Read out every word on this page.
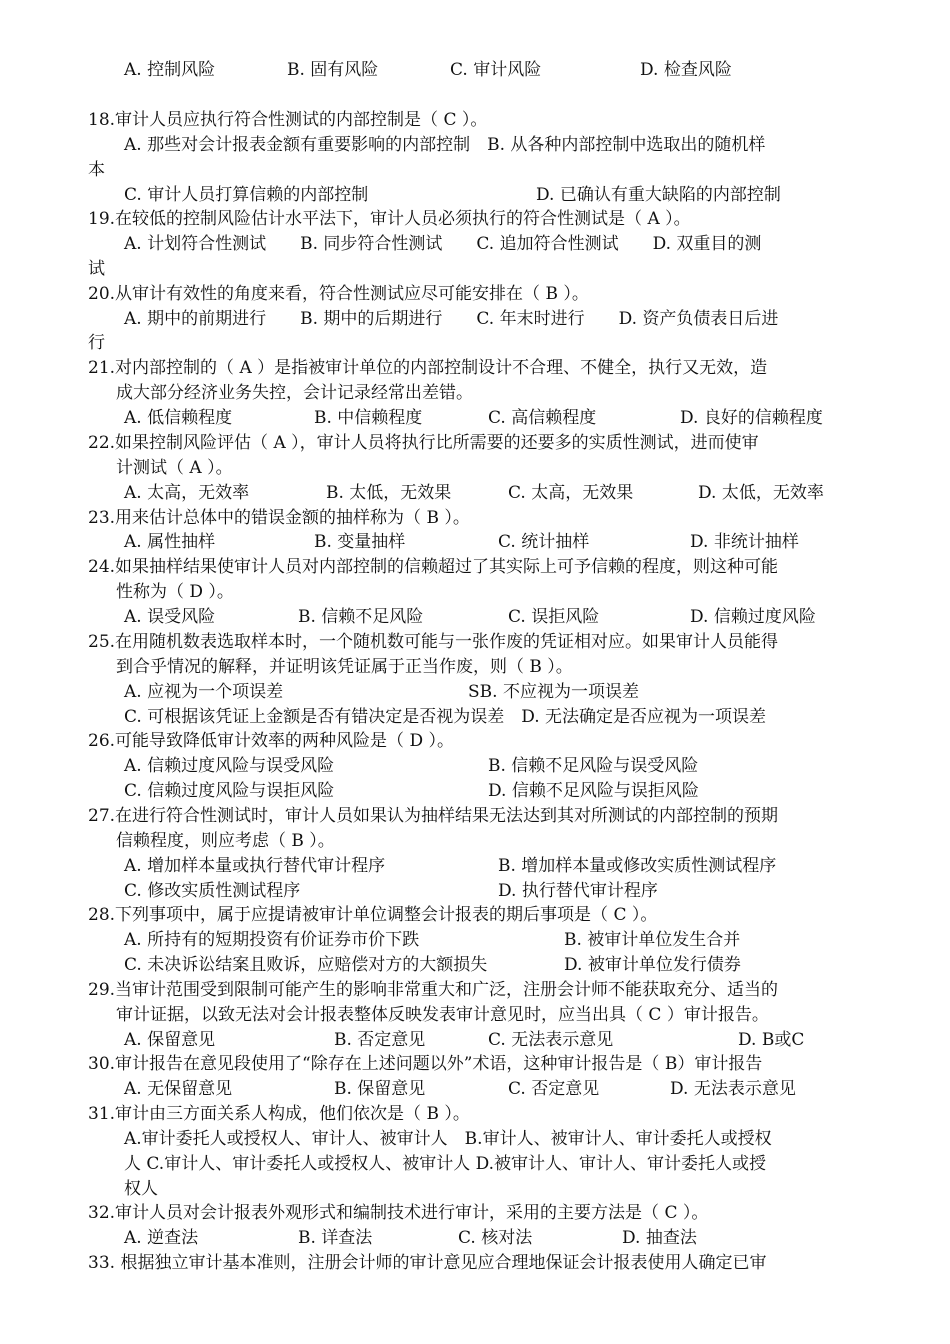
A. 控制风险	B. 固有风险	C. 审计风险	D. 检查风险
18.审计人员应执行符合性测试的内部控制是（ C ）。
A. 那些对会计报表金额有重要影响的内部控制　B. 从各种内部控制中选取出的随机样
本
C. 审计人员打算信赖的内部控制	D. 已确认有重大缺陷的内部控制
19.在较低的控制风险估计水平法下，审计人员必须执行的符合性测试是（ A ）。
A. 计划符合性测试　　B. 同步符合性测试　　C. 追加符合性测试　　D. 双重目的测
试
20.从审计有效性的角度来看，符合性测试应尽可能安排在（ B ）。
A. 期中的前期进行　　B. 期中的后期进行　　C. 年末时进行　　D. 资产负债表日后进
行
21.对内部控制的（ A ）是指被审计单位的内部控制设计不合理、不健全，执行又无效，造
成大部分经济业务失控，会计记录经常出差错。
A. 低信赖程度	B. 中信赖程度	C. 高信赖程度	D. 良好的信赖程度
22.如果控制风险评估（ A ），审计人员将执行比所需要的还要多的实质性测试，进而使审
计测试（ A ）。
A. 太高，无效率	B. 太低，无效果	C. 太高，无效果	D. 太低，无效率
23.用来估计总体中的错误金额的抽样称为（ B ）。
A. 属性抽样	B. 变量抽样	C. 统计抽样	D. 非统计抽样
24.如果抽样结果使审计人员对内部控制的信赖超过了其实际上可予信赖的程度，则这种可能
性称为（ D ）。
A. 误受风险	B. 信赖不足风险	C. 误拒风险	D. 信赖过度风险
25.在用随机数表选取样本时，一个随机数可能与一张作废的凭证相对应。如果审计人员能得
到合乎情况的解释，并证明该凭证属于正当作废，则（ B ）。
A. 应视为一个项误差	SB. 不应视为一项误差
C. 可根据该凭证上金额是否有错决定是否视为误差　D. 无法确定是否应视为一项误差
26.可能导致降低审计效率的两种风险是（ D ）。
A. 信赖过度风险与误受风险	B. 信赖不足风险与误受风险
C. 信赖过度风险与误拒风险	D. 信赖不足风险与误拒风险
27.在进行符合性测试时，审计人员如果认为抽样结果无法达到其对所测试的内部控制的预期
信赖程度，则应考虑（ B ）。
A. 增加样本量或执行替代审计程序	B. 增加样本量或修改实质性测试程序
C. 修改实质性测试程序	D. 执行替代审计程序
28.下列事项中，属于应提请被审计单位调整会计报表的期后事项是（ C ）。
A. 所持有的短期投资有价证券市价下跌	B. 被审计单位发生合并
C. 未决诉讼结案且败诉，应赔偿对方的大额损失	D. 被审计单位发行债券
29.当审计范围受到限制可能产生的影响非常重大和广泛，注册会计师不能获取充分、适当的
审计证据，以致无法对会计报表整体反映发表审计意见时，应当出具（ C ）审计报告。
A. 保留意见	B. 否定意见	C. 无法表示意见	D. B或C
30.审计报告在意见段使用了“除存在上述问题以外”术语，这种审计报告是（ B）审计报告
A. 无保留意见	B. 保留意见	C. 否定意见	D. 无法表示意见
31.审计由三方面关系人构成，他们依次是（ B ）。
A.审计委托人或授权人、审计人、被审计人　B.审计人、被审计人、审计委托人或授权
人 C.审计人、审计委托人或授权人、被审计人 D.被审计人、审计人、审计委托人或授
权人
32.审计人员对会计报表外观形式和编制技术进行审计，采用的主要方法是（ C ）。
A. 逆查法	B. 详查法	C. 核对法	D. 抽查法
33. 根据独立审计基本准则，注册会计师的审计意见应合理地保证会计报表使用人确定已审
